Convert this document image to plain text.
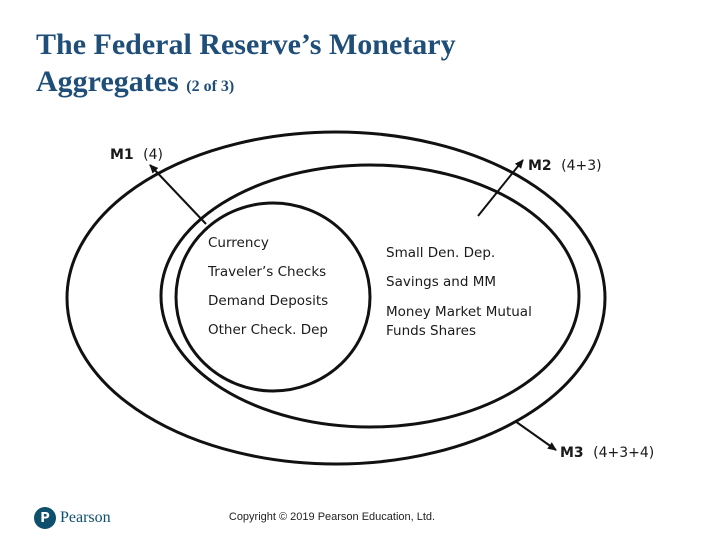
The Federal Reserve’s Monetary
Aggregates (2 of 3)
M1 (4)
M2 (4+3)
M3 (4+3+4)
Currency
Traveler’s Checks
Demand Deposits
Other Check. Dep
Small Den. Dep.
Savings and MM
Money Market Mutual
Funds Shares
P Pearson	Copyright © 2019 Pearson Education, Ltd.
